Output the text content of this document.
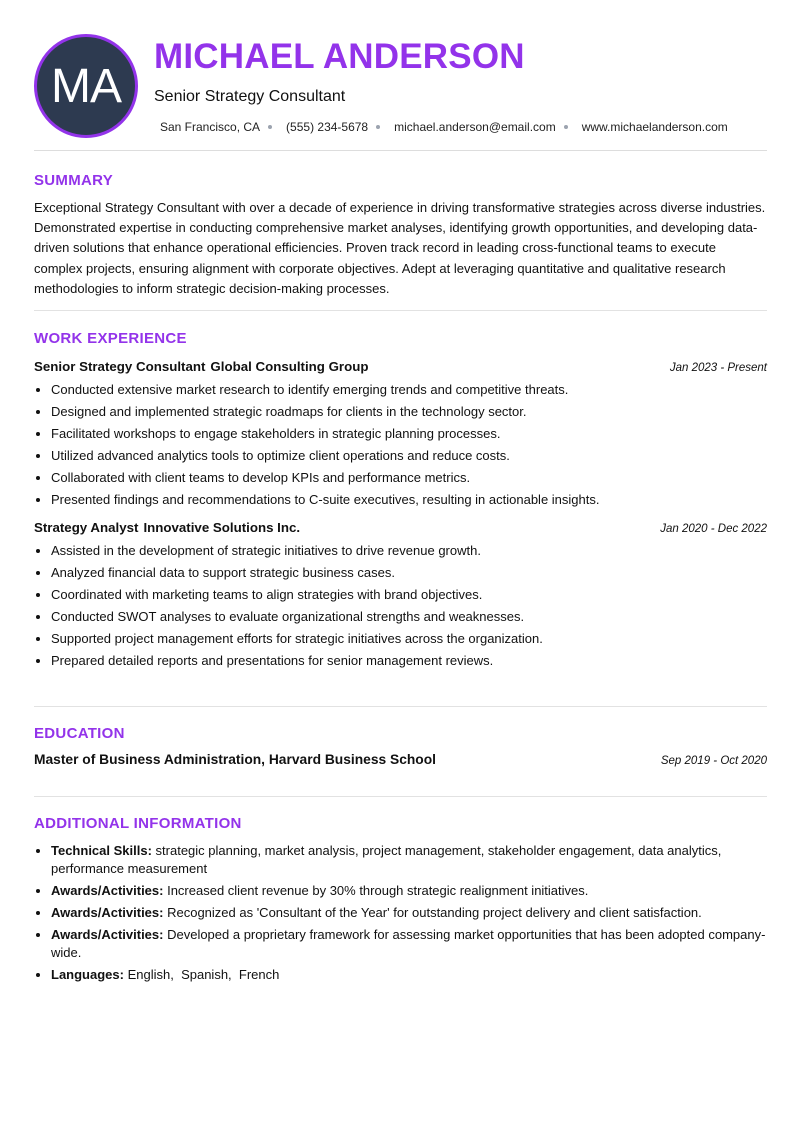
MA
MICHAEL ANDERSON
Senior Strategy Consultant
San Francisco, CA (555) 234-5678 michael.anderson@email.com www.michaelanderson.com
SUMMARY

Exceptional Strategy Consultant with over a decade of experience in driving transformative strategies across diverse industries. Demonstrated expertise in conducting comprehensive market analyses, identifying growth opportunities, and developing data-driven solutions that enhance operational efficiencies. Proven track record in leading cross-functional teams to execute complex projects, ensuring alignment with corporate objectives. Adept at leveraging quantitative and qualitative research methodologies to inform strategic decision-making processes.

WORK EXPERIENCE
Senior Strategy Consultant Global Consulting Group	Jan 2023 - Present
• Conducted extensive market research to identify emerging trends and competitive threats.
• Designed and implemented strategic roadmaps for clients in the technology sector.
• Facilitated workshops to engage stakeholders in strategic planning processes.
• Utilized advanced analytics tools to optimize client operations and reduce costs.
• Collaborated with client teams to develop KPIs and performance metrics.
• Presented findings and recommendations to C-suite executives, resulting in actionable insights.
Strategy Analyst Innovative Solutions Inc.	Jan 2020 - Dec 2022
• Assisted in the development of strategic initiatives to drive revenue growth.
• Analyzed financial data to support strategic business cases.
• Coordinated with marketing teams to align strategies with brand objectives.
• Conducted SWOT analyses to evaluate organizational strengths and weaknesses.
• Supported project management efforts for strategic initiatives across the organization.
• Prepared detailed reports and presentations for senior management reviews.
EDUCATION
Master of Business Administration, Harvard Business School	Sep 2019 - Oct 2020
ADDITIONAL INFORMATION
• Technical Skills: strategic planning, market analysis, project management, stakeholder engagement, data analytics, performance measurement
• Awards/Activities: Increased client revenue by 30% through strategic realignment initiatives.
• Awards/Activities: Recognized as 'Consultant of the Year' for outstanding project delivery and client satisfaction.
• Awards/Activities: Developed a proprietary framework for assessing market opportunities that has been adopted company-wide.
• Languages: English,  Spanish,  French
